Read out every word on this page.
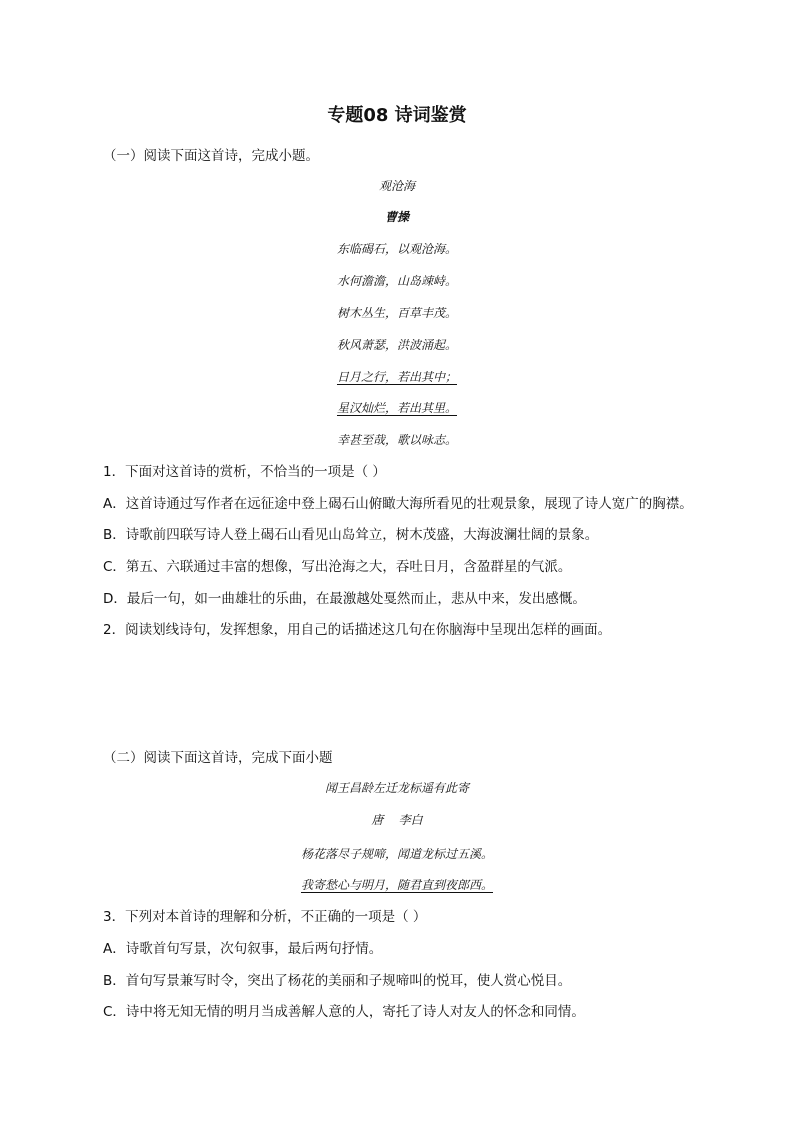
专题08 诗词鉴赏
（一）阅读下面这首诗，完成小题。
观沧海
曹操
东临碣石，以观沧海。
水何澹澹，山岛竦峙。
树木丛生，百草丰茂。
秋风萧瑟，洪波涌起。
日月之行，若出其中；
星汉灿烂，若出其里。
幸甚至哉，歌以咏志。
1．下面对这首诗的赏析，不恰当的一项是（ ）
A．这首诗通过写作者在远征途中登上碣石山俯瞰大海所看见的壮观景象，展现了诗人宽广的胸襟。
B．诗歌前四联写诗人登上碣石山看见山岛耸立，树木茂盛，大海波澜壮阔的景象。
C．第五、六联通过丰富的想像，写出沧海之大，吞吐日月，含盈群星的气派。
D．最后一句，如一曲雄壮的乐曲，在最激越处戛然而止，悲从中来，发出感慨。
2．阅读划线诗句，发挥想象，用自己的话描述这几句在你脑海中呈现出怎样的画面。
（二）阅读下面这首诗，完成下面小题
闻王昌龄左迁龙标遥有此寄
唐    李白
杨花落尽子规啼，闻道龙标过五溪。
我寄愁心与明月，随君直到夜郎西。
3．下列对本首诗的理解和分析，不正确的一项是（ ）
A．诗歌首句写景，次句叙事，最后两句抒情。
B．首句写景兼写时令，突出了杨花的美丽和子规啼叫的悦耳，使人赏心悦目。
C．诗中将无知无情的明月当成善解人意的人，寄托了诗人对友人的怀念和同情。
